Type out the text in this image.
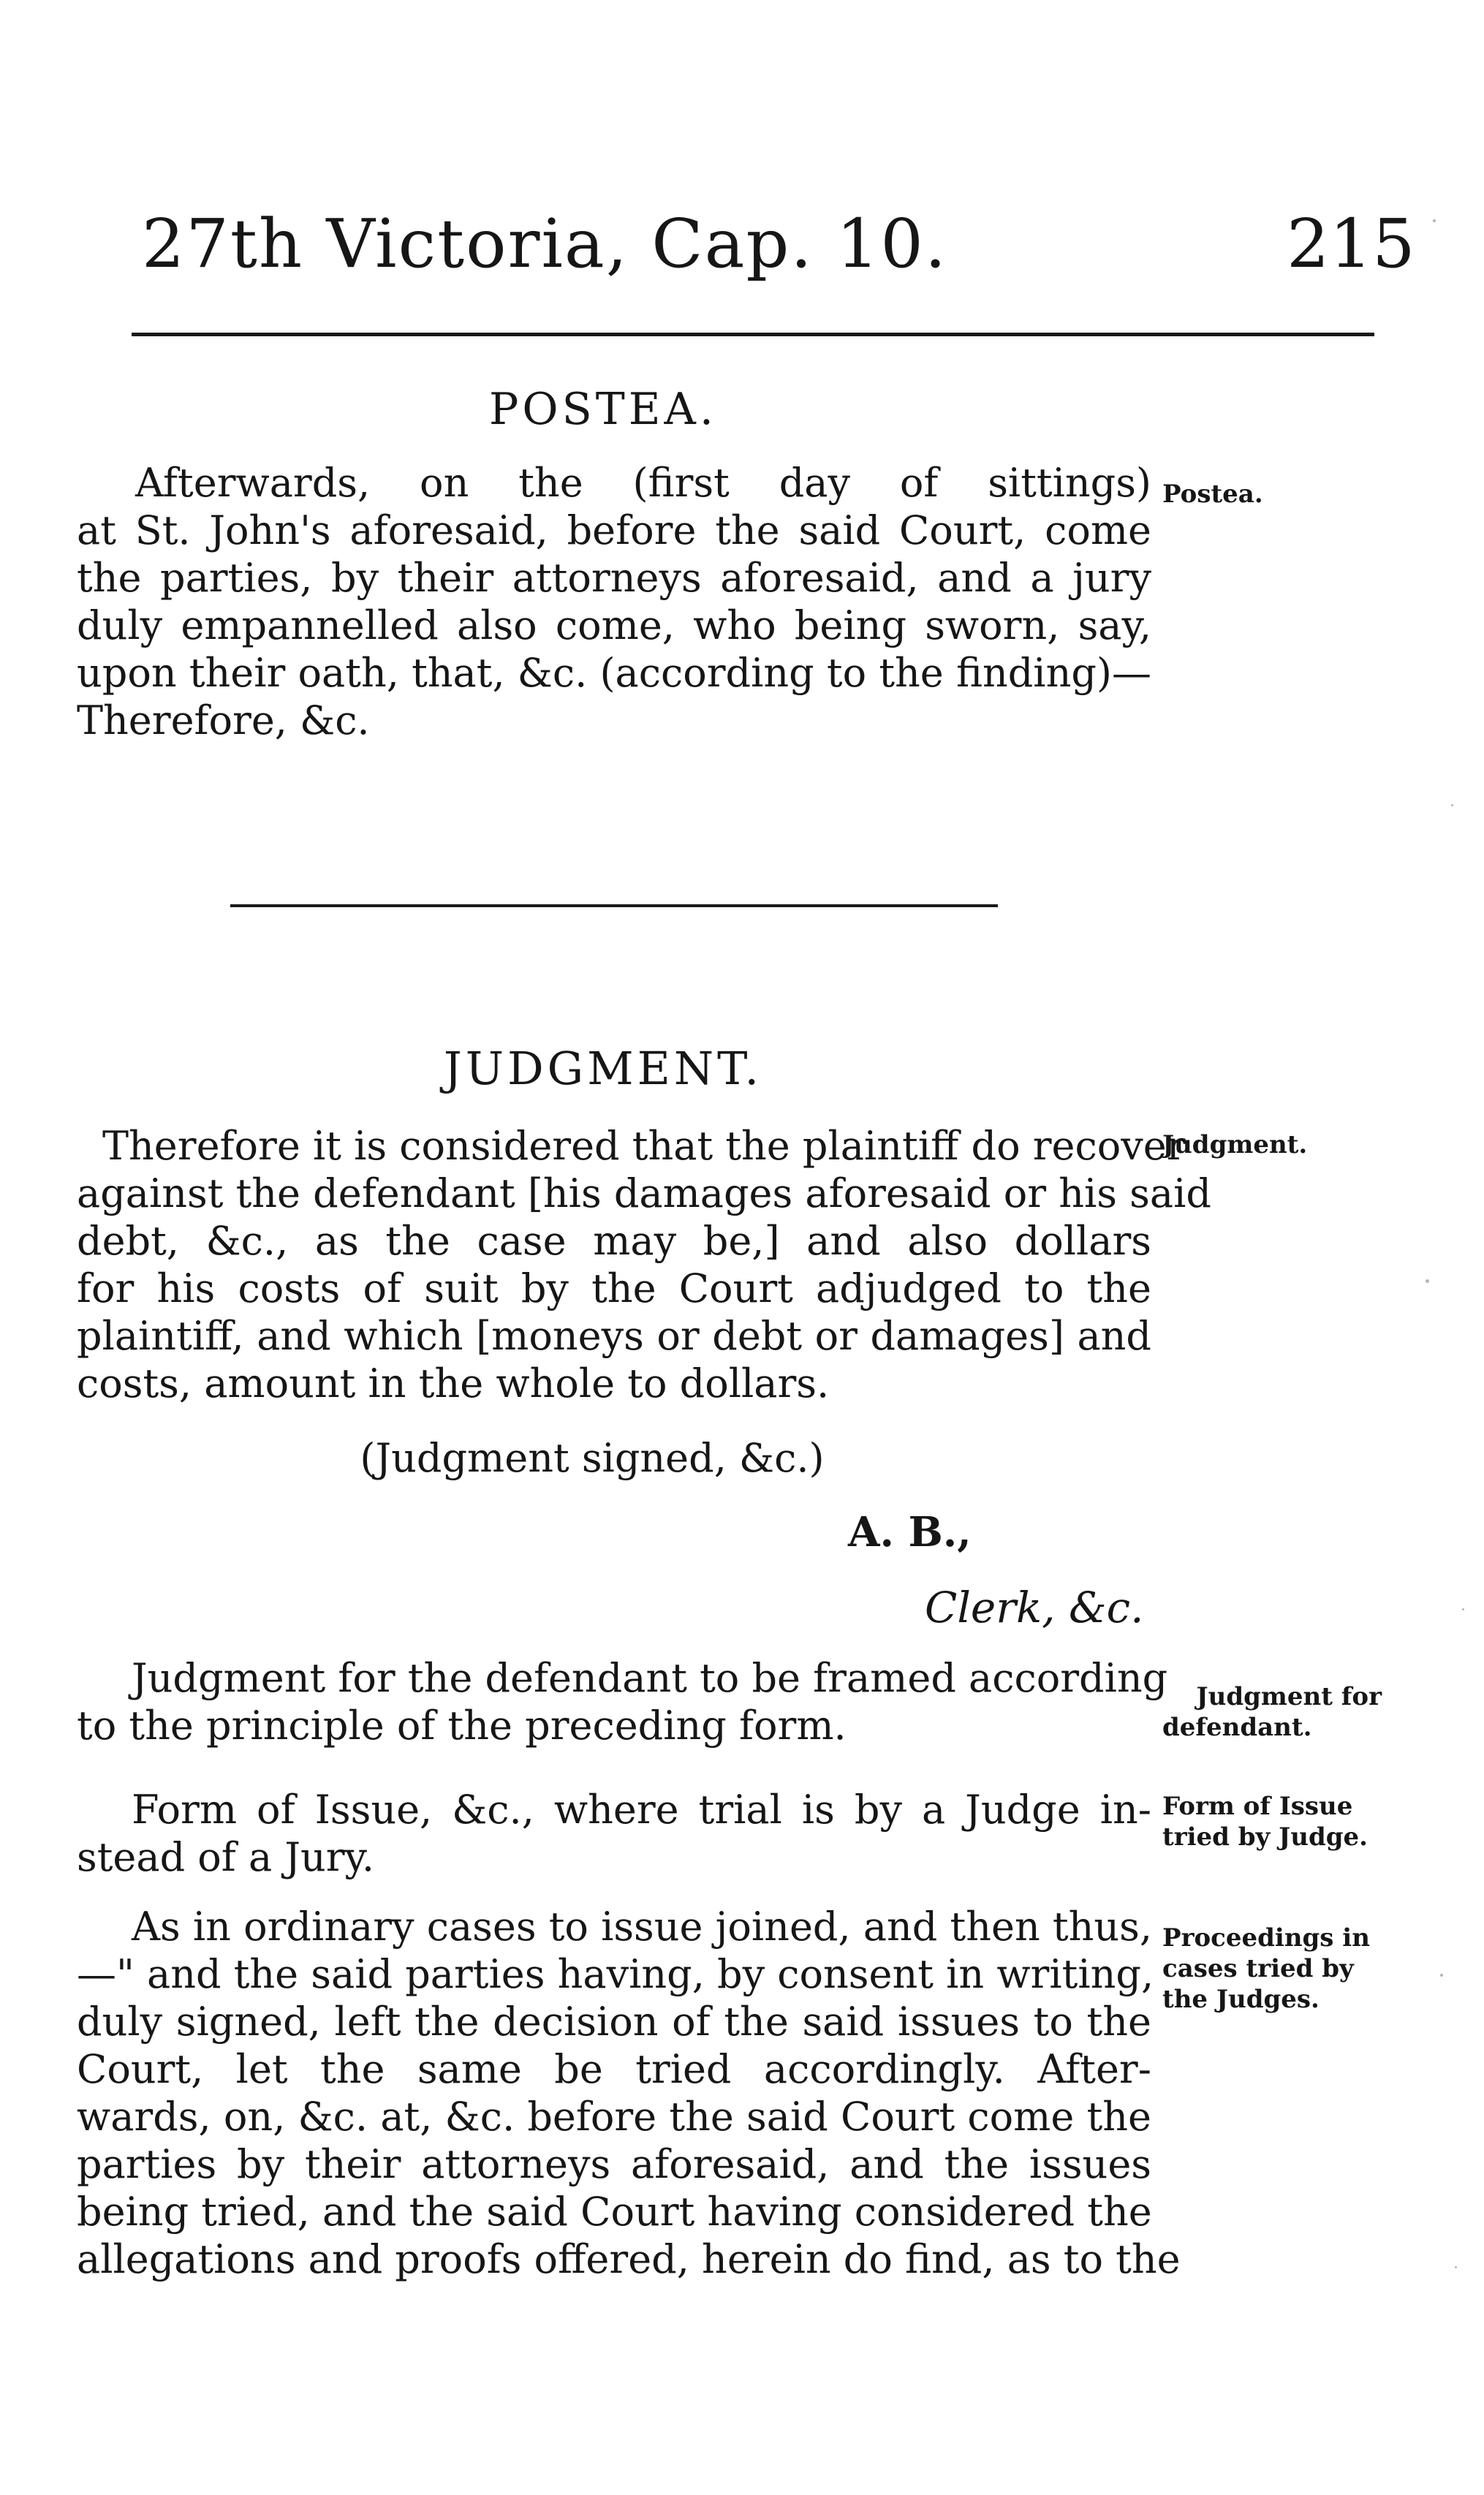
27th Victoria, Cap. 10.	215
POSTEA.
Afterwards, on the (first day of sittings)
at St. John's aforesaid, before the said Court, come
the parties, by their attorneys aforesaid, and a jury
duly empannelled also come, who being sworn, say,
upon their oath, that, &c. (according to the finding)—
Therefore, &c.
Postea.
JUDGMENT.
Therefore it is considered that the plaintiff do recover
against the defendant [his damages aforesaid or his said
debt, &c., as the case may be,] and also dollars
for his costs of suit by the Court adjudged to the
plaintiff, and which [moneys or debt or damages] and
costs, amount in the whole to dollars.
Judgment.
(Judgment signed, &c.)
A. B.,
Clerk, &c.
Judgment for the defendant to be framed according
to the principle of the preceding form.
Judgment for
defendant.
Form of Issue, &c., where trial is by a Judge in-
stead of a Jury.
Form of Issue
tried by Judge.
As in ordinary cases to issue joined, and then thus,
—" and the said parties having, by consent in writing,
duly signed, left the decision of the said issues to the
Court, let the same be tried accordingly. After-
wards, on, &c. at, &c. before the said Court come the
parties by their attorneys aforesaid, and the issues
being tried, and the said Court having considered the
allegations and proofs offered, herein do find, as to the
Proceedings in
cases tried by
the Judges.
